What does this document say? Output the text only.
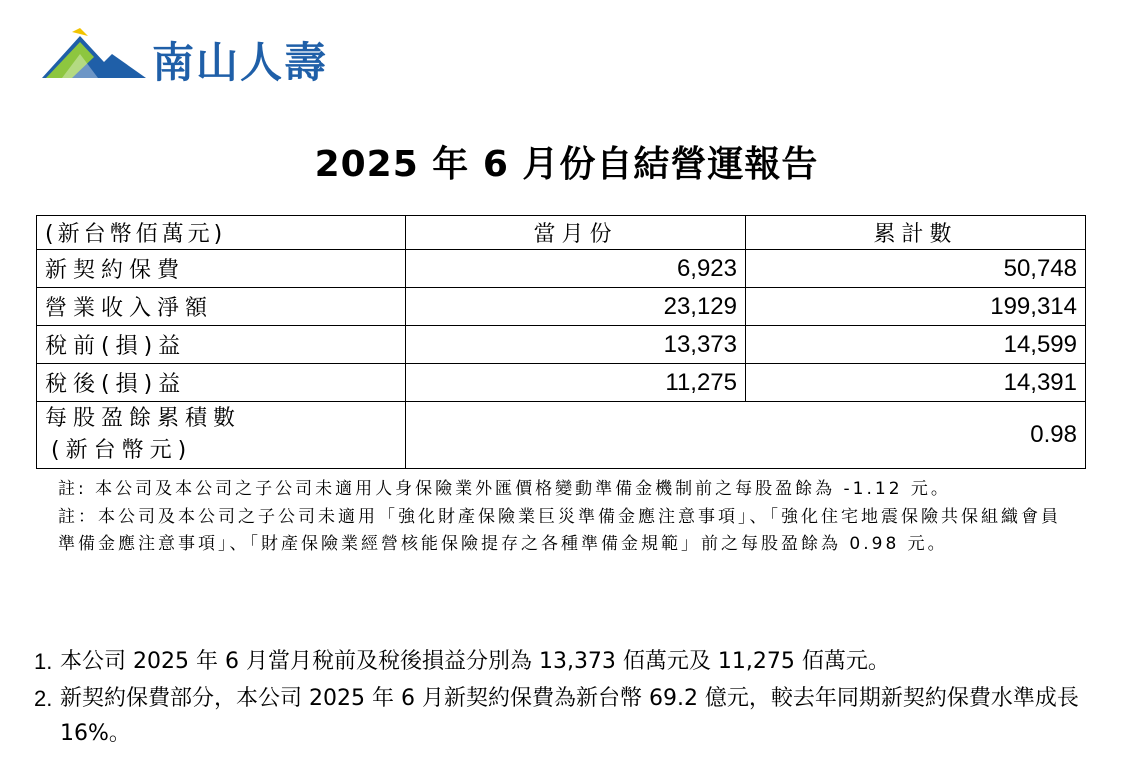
南山人壽
2025 年 6 月份自結營運報告
(新台幣佰萬元)	當月份	累計數
新契約保費	6,923	50,748
營業收入淨額	23,129	199,314
稅前(損)益	13,373	14,599
稅後(損)益	11,275	14,391

每股盈餘累積數
(新台幣元)	0.98	

註: 本公司及本公司之子公司未適用人身保險業外匯價格變動準備金機制前之每股盈餘為 -1.12 元。

註：本公司及本公司之子公司未適用「強化財產保險業巨災準備金應注意事項」、「強化住宅地震保險共保組織會員準備金應注意事項」、「財產保險業經營核能保險提存之各種準備金規範」前之每股盈餘為 0.98 元。

1. 本公司 2025 年 6 月當月稅前及稅後損益分別為 13,373 佰萬元及 11,275 佰萬元。
2. 新契約保費部分，本公司 2025 年 6 月新契約保費為新台幣 69.2 億元，較去年同期新契約保費水準成長 16%。
